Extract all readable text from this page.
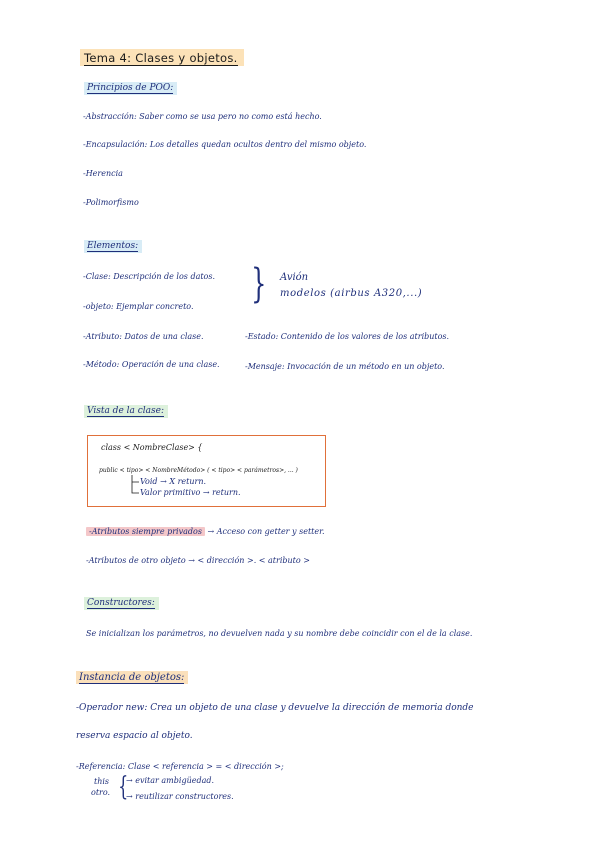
Tema 4: Clases y objetos.
Principios de POO:
-Abstracción: Saber como se usa pero no como está hecho.
-Encapsulación: Los detalles quedan ocultos dentro del mismo objeto.
-Herencia
-Polimorfismo
Elementos:
-Clase: Descripción de los datos.
-objeto: Ejemplar concreto. } Avión
modelos (airbus A320,...)
-Atributo: Datos de una clase.	-Estado: Contenido de los valores de los atributos.
-Método: Operación de una clase.	-Mensaje: Invocación de un método en un objeto.
Vista de la clase:
class < NombreClase> {
public < tipo> < NombreMétodo> ( < tipo> < parámetros>, ... )
Void → X return.
Valor primitivo → return.
-Atributos siempre privados → Acceso con getter y setter.
-Atributos de otro objeto → < dirección >. < atributo >
Constructores:
Se inicializan los parámetros, no devuelven nada y su nombre debe coincidir con el de la clase.
Instancia de objetos:
-Operador new: Crea un objeto de una clase y devuelve la dirección de memoria donde
reserva espacio al objeto.
-Referencia: Clase < referencia > = < dirección >;
this
otro. {
→ evitar ambigüedad.
→ reutilizar constructores.
